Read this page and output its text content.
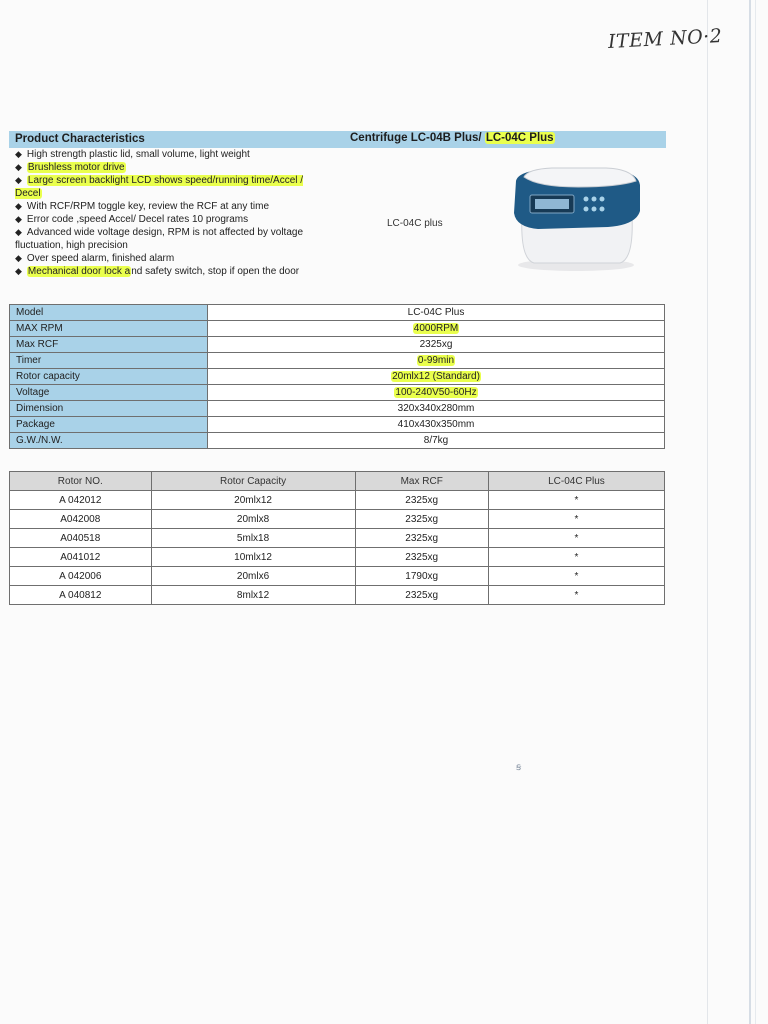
ITEM NO·2
Product Characteristics	Centrifuge LC-04B Plus/ LC-04C Plus
◆ High strength plastic lid, small volume, light weight
◆ Brushless motor drive
◆ Large screen backlight LCD shows speed/running time/Accel / Decel
◆ With RCF/RPM toggle key, review the RCF at any time
◆ Error code ,speed Accel/ Decel rates 10 programs
◆ Advanced wide voltage design, RPM is not affected by voltage fluctuation, high precision
◆ Over speed alarm, finished alarm
◆ Mechanical door lock and safety switch, stop if open the door
LC-04C plus
Model	LC-04C Plus
MAX RPM	4000RPM
Max RCF	2325xg
Timer	0-99min
Rotor capacity	20mlx12 (Standard)
Voltage	100-240V50-60Hz
Dimension	320x340x280mm
Package	410x430x350mm
G.W./N.W.	8/7kg
Rotor NO.	Rotor Capacity	Max RCF	LC-04C Plus
A 042012	20mlx12	2325xg	*
A042008	20mlx8	2325xg	*
A040518	5mlx18	2325xg	*
A041012	10mlx12	2325xg	*
A 042006	20mlx6	1790xg	*
A 040812	8mlx12	2325xg	*
ꞩ
